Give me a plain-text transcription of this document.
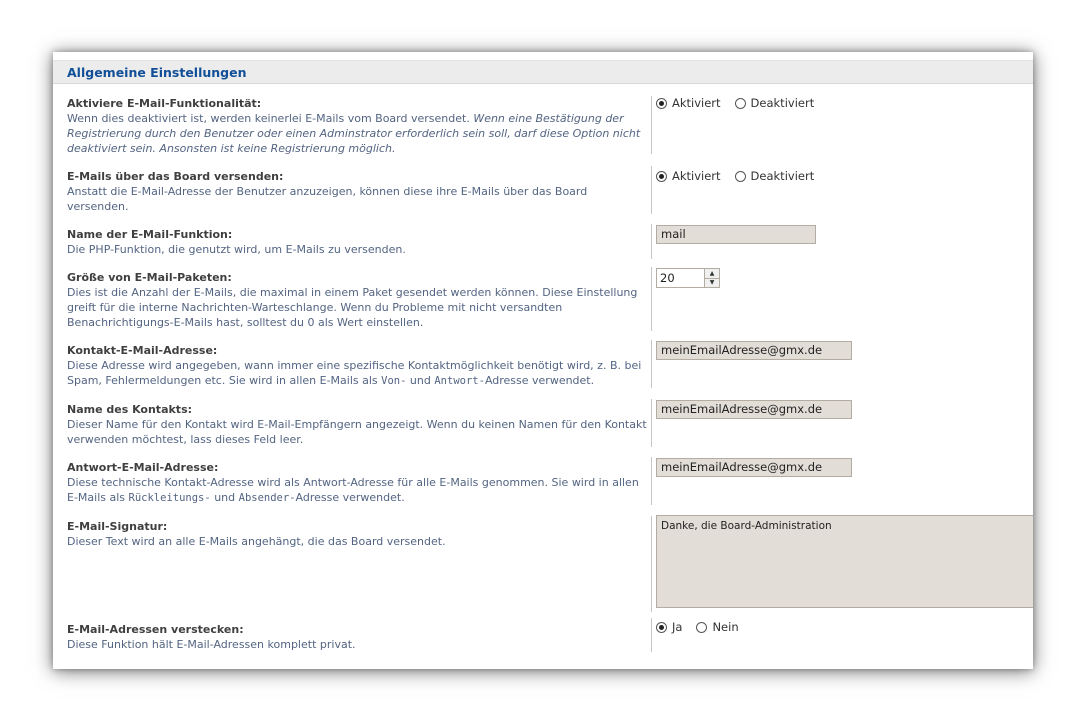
Allgemeine Einstellungen
Aktiviere E-Mail-Funktionalität:
Wenn dies deaktiviert ist, werden keinerlei E-Mails vom Board versendet. Wenn eine Bestätigung der Registrierung durch den Benutzer oder einen Adminstrator erforderlich sein soll, darf diese Option nicht deaktiviert sein. Ansonsten ist keine Registrierung möglich.
Aktiviert	Deaktiviert
E-Mails über das Board versenden:
Anstatt die E-Mail-Adresse der Benutzer anzuzeigen, können diese ihre E-Mails über das Board versenden.
Aktiviert	Deaktiviert
Name der E-Mail-Funktion:
Die PHP-Funktion, die genutzt wird, um E-Mails zu versenden.
mail
Größe von E-Mail-Paketen:
Dies ist die Anzahl der E-Mails, die maximal in einem Paket gesendet werden können. Diese Einstellung greift für die interne Nachrichten-Warteschlange. Wenn du Probleme mit nicht versandten Benachrichtigungs-E-Mails hast, solltest du 0 als Wert einstellen.
20	▲
▼
Kontakt-E-Mail-Adresse:
Diese Adresse wird angegeben, wann immer eine spezifische Kontaktmöglichkeit benötigt wird, z. B. bei Spam, Fehlermeldungen etc. Sie wird in allen E-Mails als Von- und Antwort-Adresse verwendet.
meinEmailAdresse@gmx.de
Name des Kontakts:
Dieser Name für den Kontakt wird E-Mail-Empfängern angezeigt. Wenn du keinen Namen für den Kontakt verwenden möchtest, lass dieses Feld leer.
meinEmailAdresse@gmx.de
Antwort-E-Mail-Adresse:
Diese technische Kontakt-Adresse wird als Antwort-Adresse für alle E-Mails genommen. Sie wird in allen E-Mails als Rückleitungs- und Absender-Adresse verwendet.
meinEmailAdresse@gmx.de
E-Mail-Signatur:
Dieser Text wird an alle E-Mails angehängt, die das Board versendet.
Danke, die Board-Administration
E-Mail-Adressen verstecken:
Diese Funktion hält E-Mail-Adressen komplett privat.
Ja	Nein
